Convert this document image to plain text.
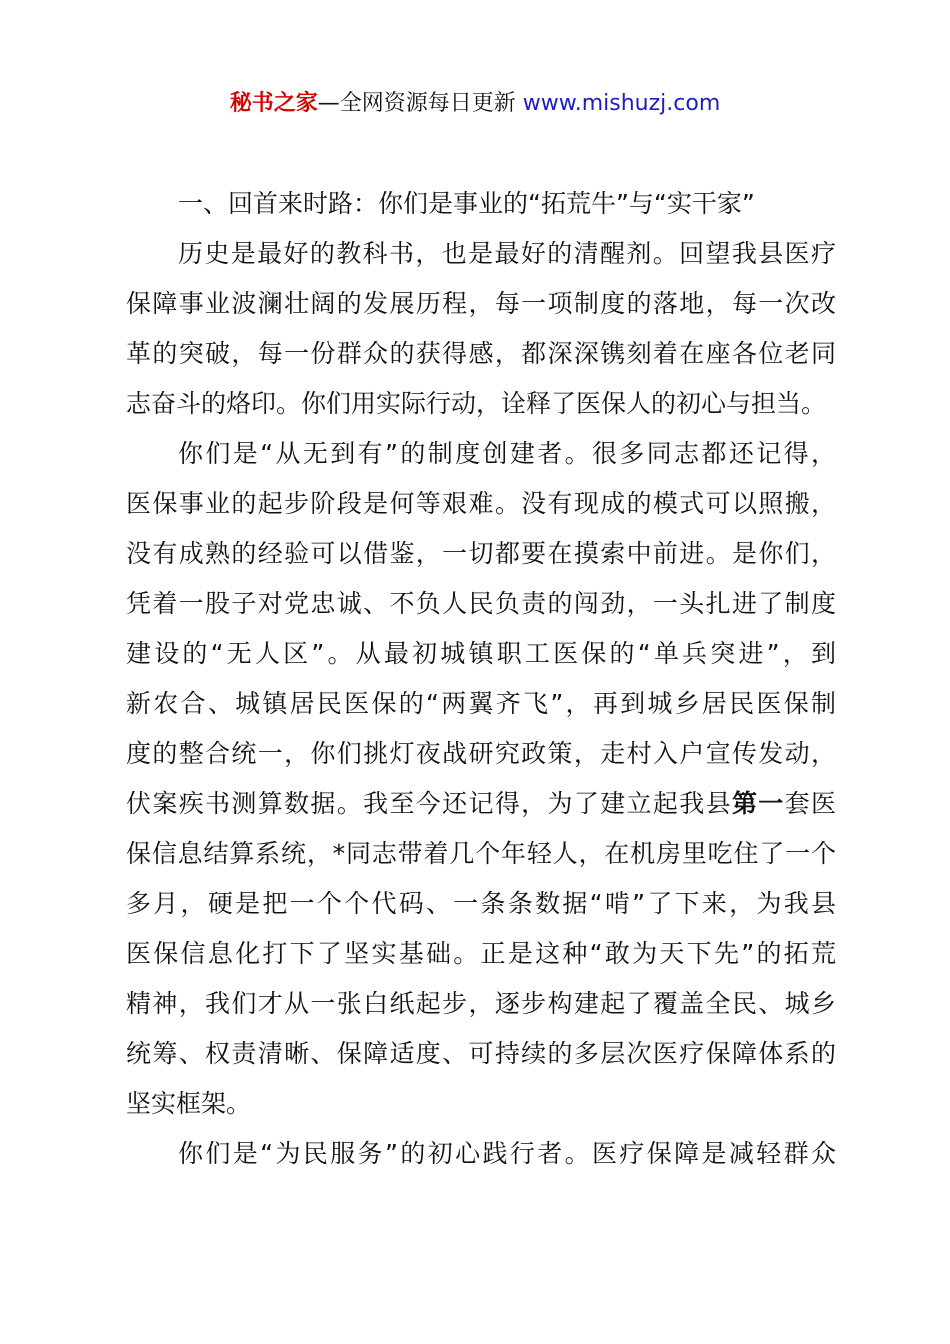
秘书之家—全网资源每日更新 www.mishuzj.com
一、回首来时路：你们是事业的“拓荒牛”与“实干家”
历史是最好的教科书，也是最好的清醒剂。回望我县医疗
保障事业波澜壮阔的发展历程，每一项制度的落地，每一次改
革的突破，每一份群众的获得感，都深深镌刻着在座各位老同
志奋斗的烙印。你们用实际行动，诠释了医保人的初心与担当。
你们是“从无到有”的制度创建者。很多同志都还记得，
医保事业的起步阶段是何等艰难。没有现成的模式可以照搬，
没有成熟的经验可以借鉴，一切都要在摸索中前进。是你们，
凭着一股子对党忠诚、不负人民负责的闯劲，一头扎进了制度
建设的“无人区”。从最初城镇职工医保的“单兵突进”，到
新农合、城镇居民医保的“两翼齐飞”，再到城乡居民医保制
度的整合统一，你们挑灯夜战研究政策，走村入户宣传发动，
伏案疾书测算数据。我至今还记得，为了建立起我县第一套医
保信息结算系统，*同志带着几个年轻人，在机房里吃住了一个
多月，硬是把一个个代码、一条条数据“啃”了下来，为我县
医保信息化打下了坚实基础。正是这种“敢为天下先”的拓荒
精神，我们才从一张白纸起步，逐步构建起了覆盖全民、城乡
统筹、权责清晰、保障适度、可持续的多层次医疗保障体系的
坚实框架。
你们是“为民服务”的初心践行者。医疗保障是减轻群众
